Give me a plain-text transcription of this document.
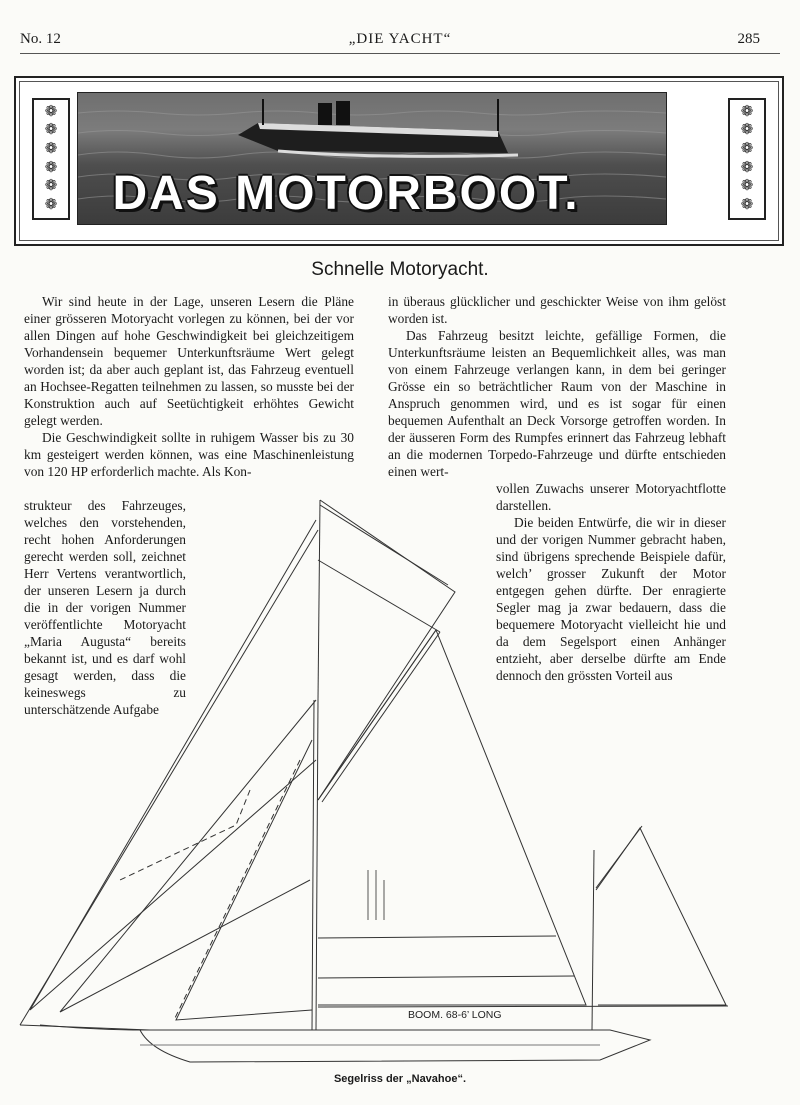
No. 12	„DIE YACHT“	285
❁
❁
❁
❁
❁
❁
❁
❁
❁
❁
❁
❁
DAS MOTORBOOT.
Schnelle Motoryacht.

Wir sind heute in der Lage, unseren Lesern die Pläne einer grösseren Motoryacht vorlegen zu können, bei der vor allen Dingen auf hohe Geschwindigkeit bei gleichzeitigem Vorhandensein bequemer Unterkunftsräume Wert gelegt worden ist; da aber auch geplant ist, das Fahrzeug eventuell an Hochsee-Regatten teilnehmen zu lassen, so musste bei der Konstruktion auch auf Seetüchtigkeit erhöhtes Gewicht gelegt werden.

Die Geschwindigkeit sollte in ruhigem Wasser bis zu 30 km gesteigert werden können, was eine Maschinenleistung von 120 HP erforderlich machte. Als Kon-

strukteur des Fahrzeuges, welches den vorstehenden, recht hohen Anforderungen gerecht werden soll, zeichnet Herr Vertens verantwortlich, der unseren Lesern ja durch die in der vorigen Nummer veröffentlichte Motoryacht „Maria Augusta“ bereits bekannt ist, und es darf wohl gesagt werden, dass die keineswegs zu unterschätzende Aufgabe

in überaus glücklicher und geschickter Weise von ihm gelöst worden ist.

Das Fahrzeug besitzt leichte, gefällige Formen, die Unterkunftsräume leisten an Bequemlichkeit alles, was man von einem Fahrzeuge verlangen kann, in dem bei geringer Grösse ein so beträchtlicher Raum von der Maschine in Anspruch genommen wird, und es ist sogar für einen bequemen Aufenthalt an Deck Vorsorge getroffen worden. In der äusseren Form des Rumpfes erinnert das Fahrzeug lebhaft an die modernen Torpedo-Fahrzeuge und dürfte entschieden einen wert-

vollen Zuwachs unserer Motoryachtflotte darstellen.

Die beiden Entwürfe, die wir in dieser und der vorigen Nummer gebracht haben, sind übrigens sprechende Beispiele dafür, welch’ grosser Zukunft der Motor entgegen gehen dürfte. Der enragierte Segler mag ja zwar bedauern, dass die bequemere Motoryacht vielleicht hie und da dem Segelsport einen Anhänger entzieht, aber derselbe dürfte am Ende dennoch den grössten Vorteil aus

BOOM. 68-6’ LONG
Segelriss der „Navahoe“.
